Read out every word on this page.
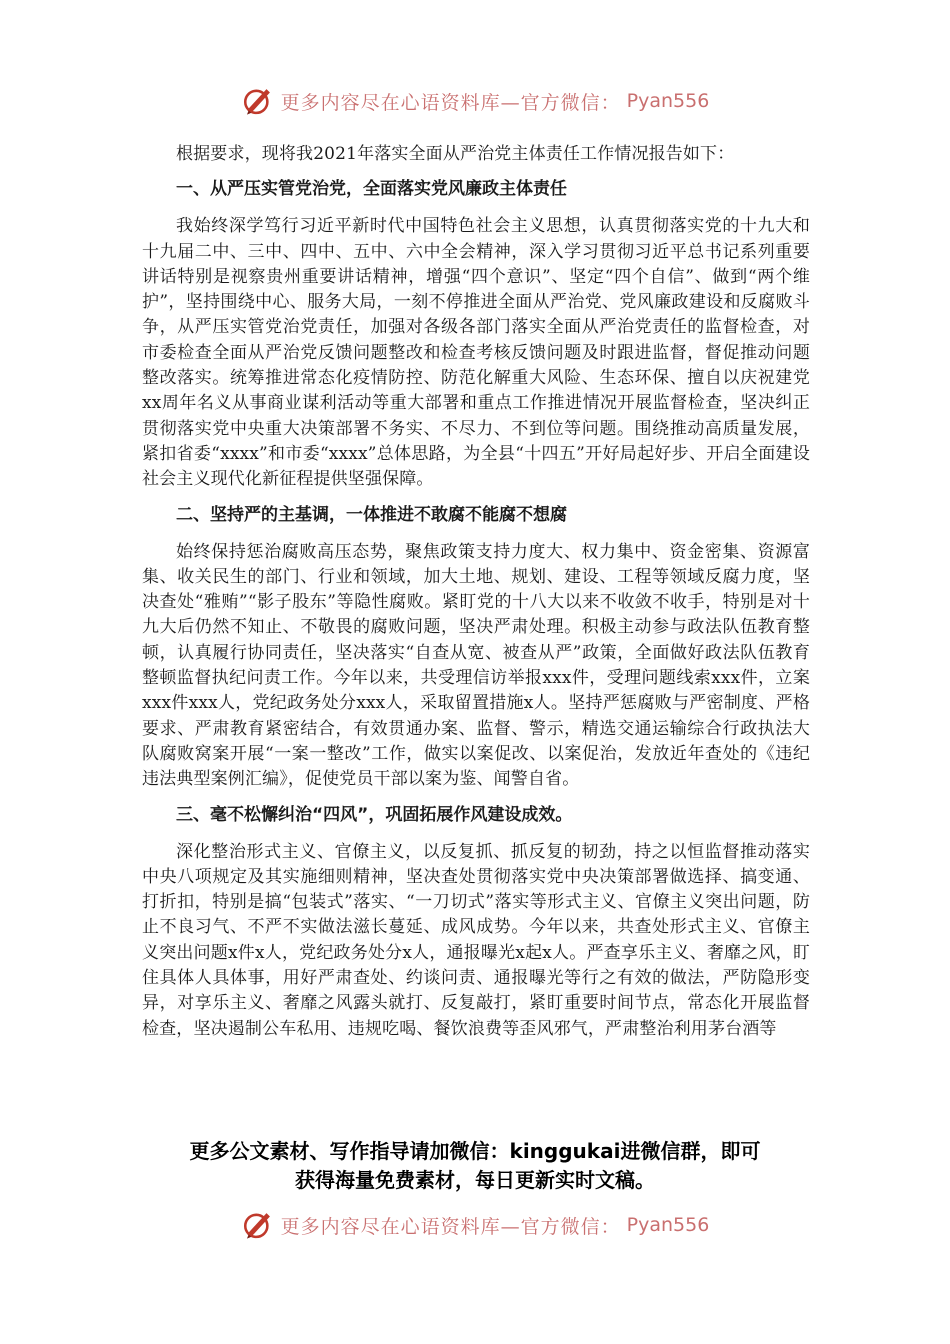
更多内容尽在心语资料库—官方微信： Pyan556

根据要求，现将我2021年落实全面从严治党主体责任工作情况报告如下：

一、从严压实管党治党，全面落实党风廉政主体责任

我始终深学笃行习近平新时代中国特色社会主义思想，认真贯彻落实党的十九大和十九届二中、三中、四中、五中、六中全会精神，深入学习贯彻习近平总书记系列重要讲话特别是视察贵州重要讲话精神，增强“四个意识”、坚定“四个自信”、做到“两个维护”，坚持围绕中心、服务大局，一刻不停推进全面从严治党、党风廉政建设和反腐败斗争，从严压实管党治党责任，加强对各级各部门落实全面从严治党责任的监督检查，对市委检查全面从严治党反馈问题整改和检查考核反馈问题及时跟进监督，督促推动问题整改落实。统筹推进常态化疫情防控、防范化解重大风险、生态环保、擅自以庆祝建党xx周年名义从事商业谋利活动等重大部署和重点工作推进情况开展监督检查，坚决纠正贯彻落实党中央重大决策部署不务实、不尽力、不到位等问题。围绕推动高质量发展，紧扣省委“xxxx”和市委“xxxx”总体思路，为全县“十四五”开好局起好步、开启全面建设社会主义现代化新征程提供坚强保障。

二、坚持严的主基调，一体推进不敢腐不能腐不想腐

始终保持惩治腐败高压态势，聚焦政策支持力度大、权力集中、资金密集、资源富集、收关民生的部门、行业和领域，加大土地、规划、建设、工程等领域反腐力度，坚决查处“雅贿”“影子股东”等隐性腐败。紧盯党的十八大以来不收敛不收手，特别是对十九大后仍然不知止、不敬畏的腐败问题，坚决严肃处理。积极主动参与政法队伍教育整顿，认真履行协同责任，坚决落实“自查从宽、被查从严”政策，全面做好政法队伍教育整顿监督执纪问责工作。今年以来，共受理信访举报xxx件，受理问题线索xxx件，立案xxx件xxx人，党纪政务处分xxx人，采取留置措施x人。坚持严惩腐败与严密制度、严格要求、严肃教育紧密结合，有效贯通办案、监督、警示，精选交通运输综合行政执法大队腐败窝案开展“一案一整改”工作，做实以案促改、以案促治，发放近年查处的《违纪违法典型案例汇编》，促使党员干部以案为鉴、闻警自省。

三、毫不松懈纠治“四风”，巩固拓展作风建设成效。

深化整治形式主义、官僚主义，以反复抓、抓反复的韧劲，持之以恒监督推动落实中央八项规定及其实施细则精神，坚决查处贯彻落实党中央决策部署做选择、搞变通、打折扣，特别是搞“包装式”落实、“一刀切式”落实等形式主义、官僚主义突出问题，防止不良习气、不严不实做法滋长蔓延、成风成势。今年以来，共查处形式主义、官僚主义突出问题x件x人，党纪政务处分x人，通报曝光x起x人。严查享乐主义、奢靡之风，盯住具体人具体事，用好严肃查处、约谈问责、通报曝光等行之有效的做法，严防隐形变异，对享乐主义、奢靡之风露头就打、反复敲打，紧盯重要时间节点，常态化开展监督检查，坚决遏制公车私用、违规吃喝、餐饮浪费等歪风邪气，严肃整治利用茅台酒等

更多公文素材、写作指导请加微信：kinggukai进微信群，即可
获得海量免费素材，每日更新实时文稿。
更多内容尽在心语资料库—官方微信： Pyan556
